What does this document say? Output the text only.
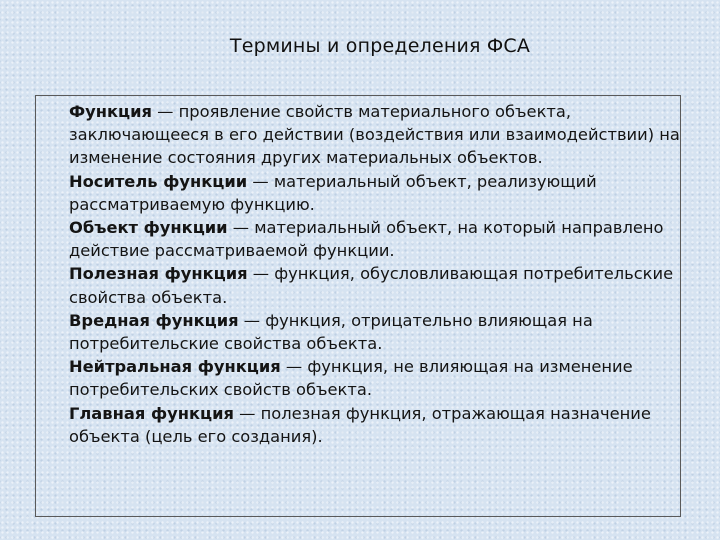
Термины и определения ФСА
Функция — проявление свойств материального объекта, заключающееся в его действии (воздействия или взаимодействии) на изменение состояния других материальных объектов.
Носитель функции — материальный объект, реализующий рассматриваемую функцию.
Объект функции — материальный объект, на который направлено действие рассматриваемой функции.
Полезная функция — функция, обусловливающая потребительские свойства объекта.
Вредная функция — функция, отрицательно влияющая на потребительские свойства объекта.
Нейтральная функция — функция, не влияющая на изменение потребительских свойств объекта.
Главная функция — полезная функция, отражающая назначение объекта (цель его создания).
